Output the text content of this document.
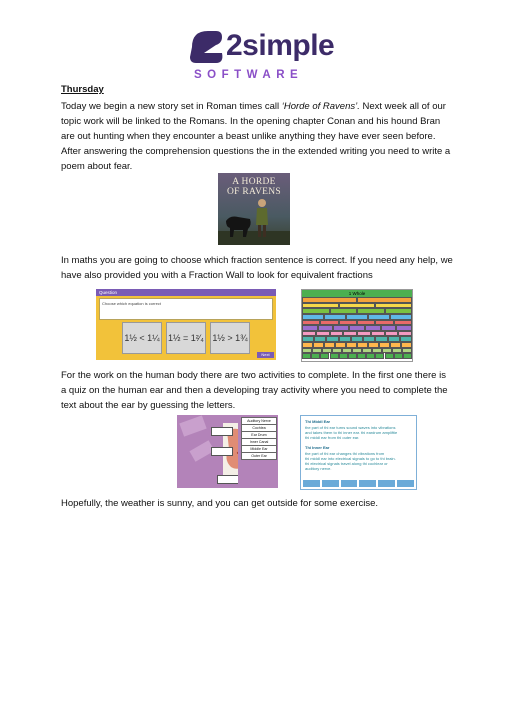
2simple
SOFTWARE
Thursday

Today we begin a new story set in Roman times call ‘Horde of Ravens’. Next week all of our topic work will be linked to the Romans. In the opening chapter Conan and his hound Bran are out hunting when they encounter a beast unlike anything they have ever seen before. After answering the comprehension questions the in the extended writing you need to write a poem about fear.

A HORDE
OF RAVENS

In maths you are going to choose which fraction sentence is correct. If you need any help, we have also provided you with a Fraction Wall to look for equivalent fractions

Question
Choose which equation is correct
1½ < 1¼ 1½ = 1²⁄₄ 1½ > 1¾
Next
1 Whole

For the work on the human body there are two activities to complete. In the first one there is a quiz on the human ear and then a developing tray activity where you need to complete the text about the ear by guessing the letters.

Auditory Nerve
Cochlea
Ear Drum
Inner Canal
Middle Ear
Outer Ear
Thi Middl Ear
the part of thi ear turns sound waves into vibrations
and takes them to thi inner ear. thi eardrum ampliftie
thi middl ear from thi outer ear.
Thi Inner Ear
the part of thi ear changes thi vibrations from
thi middl ear into electrical signals to go to thi brain.
thi electrical signals travel along thi cochlear or
auditory nerve.

Hopefully, the weather is sunny, and you can get outside for some exercise.
